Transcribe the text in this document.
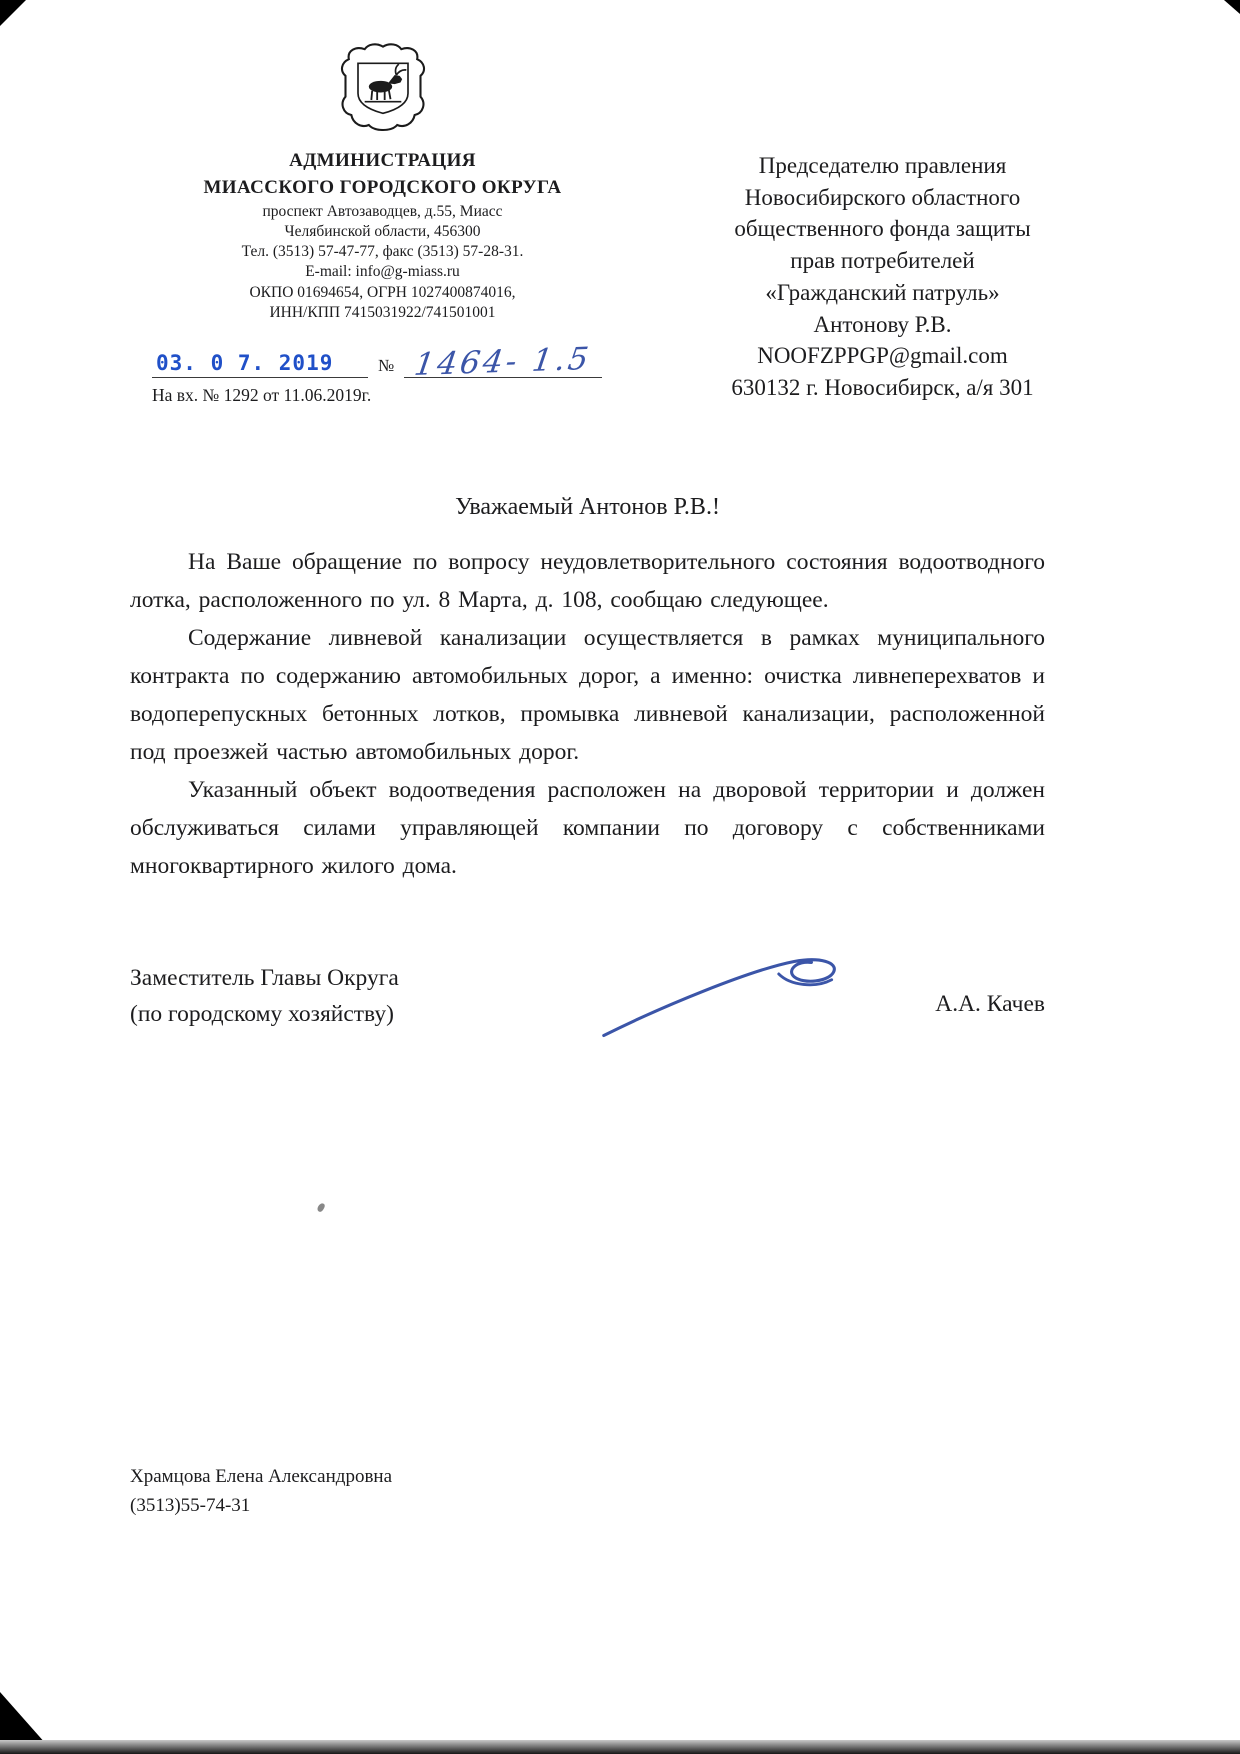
АДМИНИСТРАЦИЯ
МИАССКОГО ГОРОДСКОГО ОКРУГА
проспект Автозаводцев, д.55, Миасс
Челябинской области, 456300
Тел. (3513) 57-47-77, факс (3513) 57-28-31.
E-mail: info@g-miass.ru
ОКПО 01694654, ОГРН 1027400874016,
ИНН/КПП 7415031922/741501001
03. 0 7. 2019	№ 1464- 1.5
На вх. № 1292 от 11.06.2019г.
Председателю правления
Новосибирского областного
общественного фонда защиты
прав потребителей
«Гражданский патруль»
Антонову Р.В.
NOOFZPPGP@gmail.com
630132 г. Новосибирск, а/я 301
Уважаемый Антонов Р.В.!

На Ваше обращение по вопросу неудовлетворительного состояния водоотводного лотка, расположенного по ул. 8 Марта, д. 108, сообщаю следующее.

Содержание ливневой канализации осуществляется в рамках муниципального контракта по содержанию автомобильных дорог, а именно: очистка ливнеперехватов и водоперепускных бетонных лотков, промывка ливневой канализации, расположенной под проезжей частью автомобильных дорог.

Указанный объект водоотведения расположен на дворовой территории и должен обслуживаться силами управляющей компании по договору с собственниками многоквартирного жилого дома.

Заместитель Главы Округа
(по городскому хозяйству)	А.А. Качев
Храмцова Елена Александровна
(3513)55-74-31
